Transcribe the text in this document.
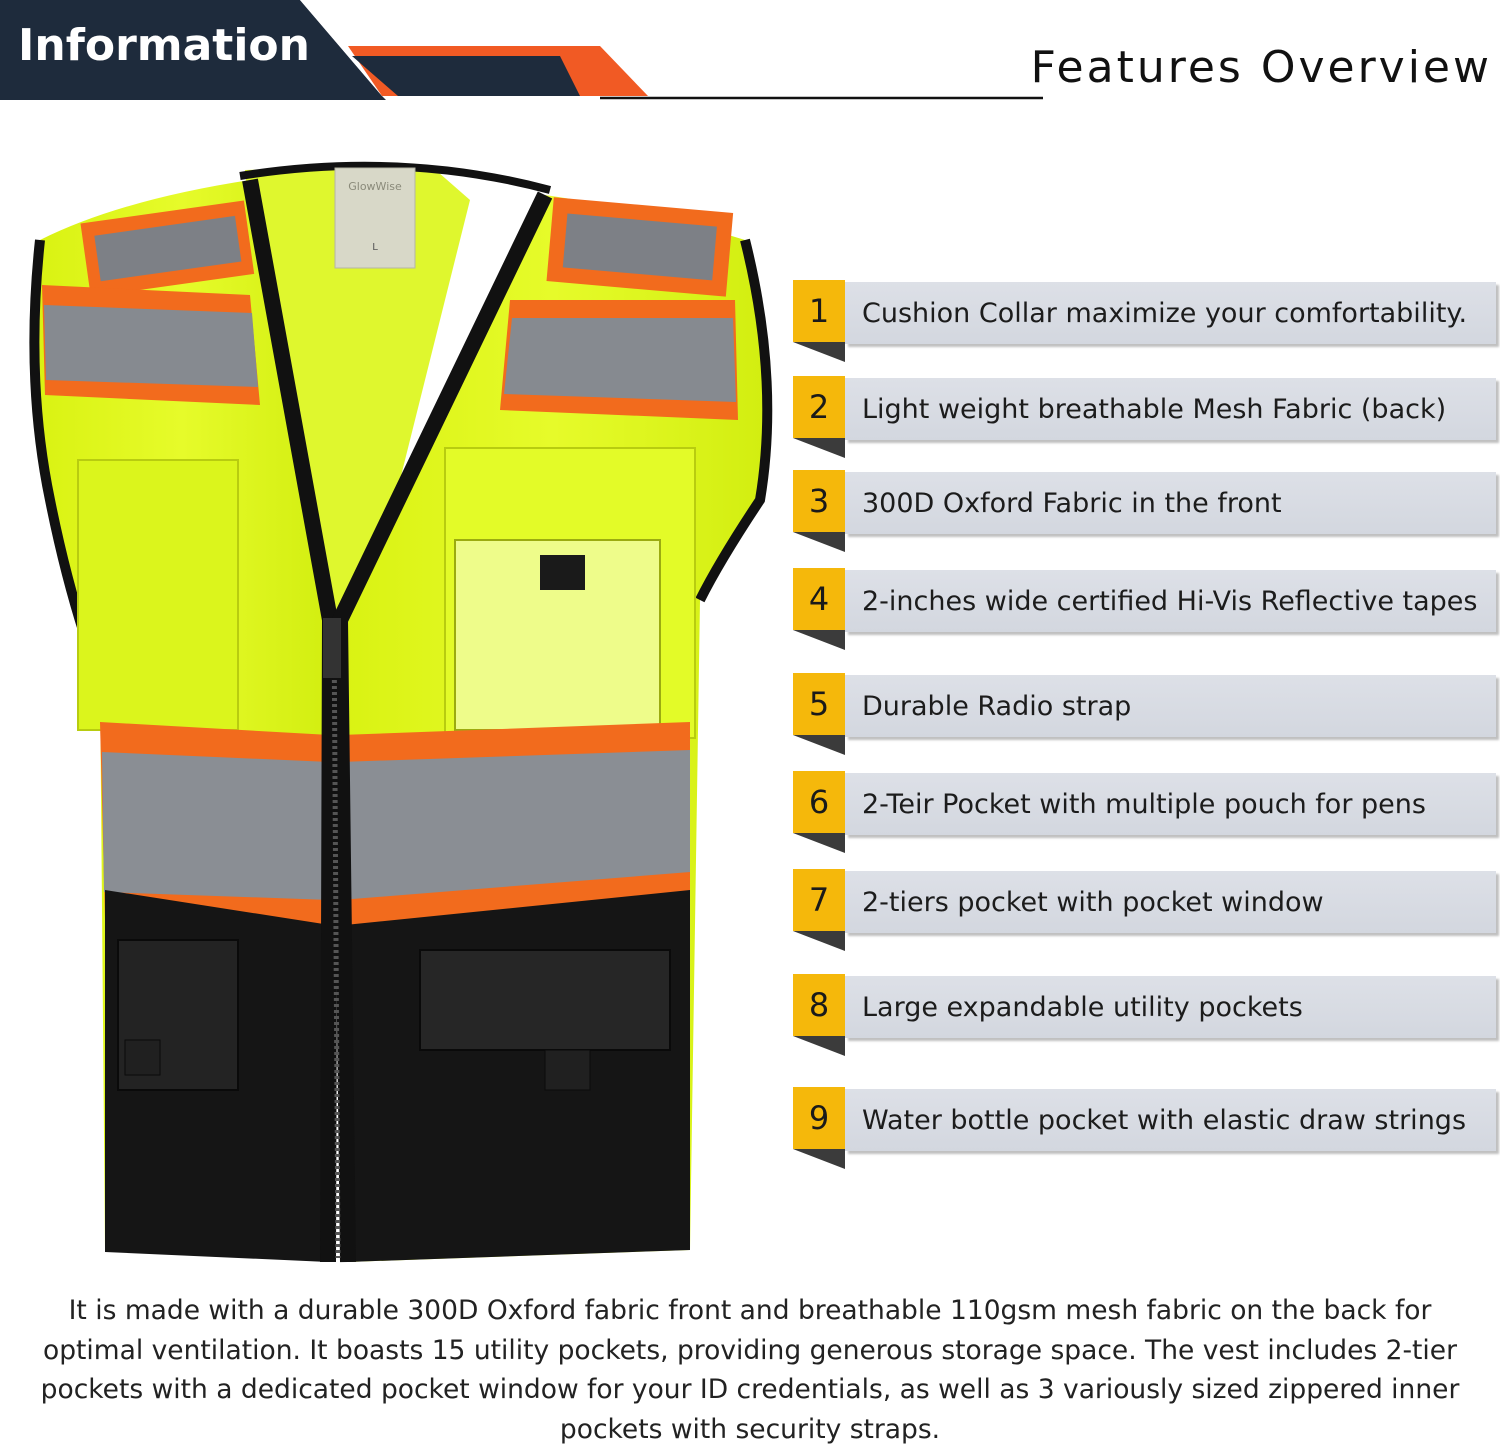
Information	Features Overview
GlowWise
L
1	Cushion Collar maximize your comfortability.
2	Light weight breathable Mesh Fabric (back)
3	300D Oxford Fabric in the front
4	2-inches wide certified Hi-Vis Reflective tapes
5	Durable Radio strap
6	2-Teir Pocket with multiple pouch for pens
7	2-tiers pocket with pocket window
8	Large expandable utility pockets
9	Water bottle pocket with elastic draw strings
It is made with a durable 300D Oxford fabric front and breathable 110gsm mesh fabric on the back for optimal ventilation. It boasts 15 utility pockets, providing generous storage space. The vest includes 2-tier pockets with a dedicated pocket window for your ID credentials, as well as 3 variously sized zippered inner pockets with security straps.
